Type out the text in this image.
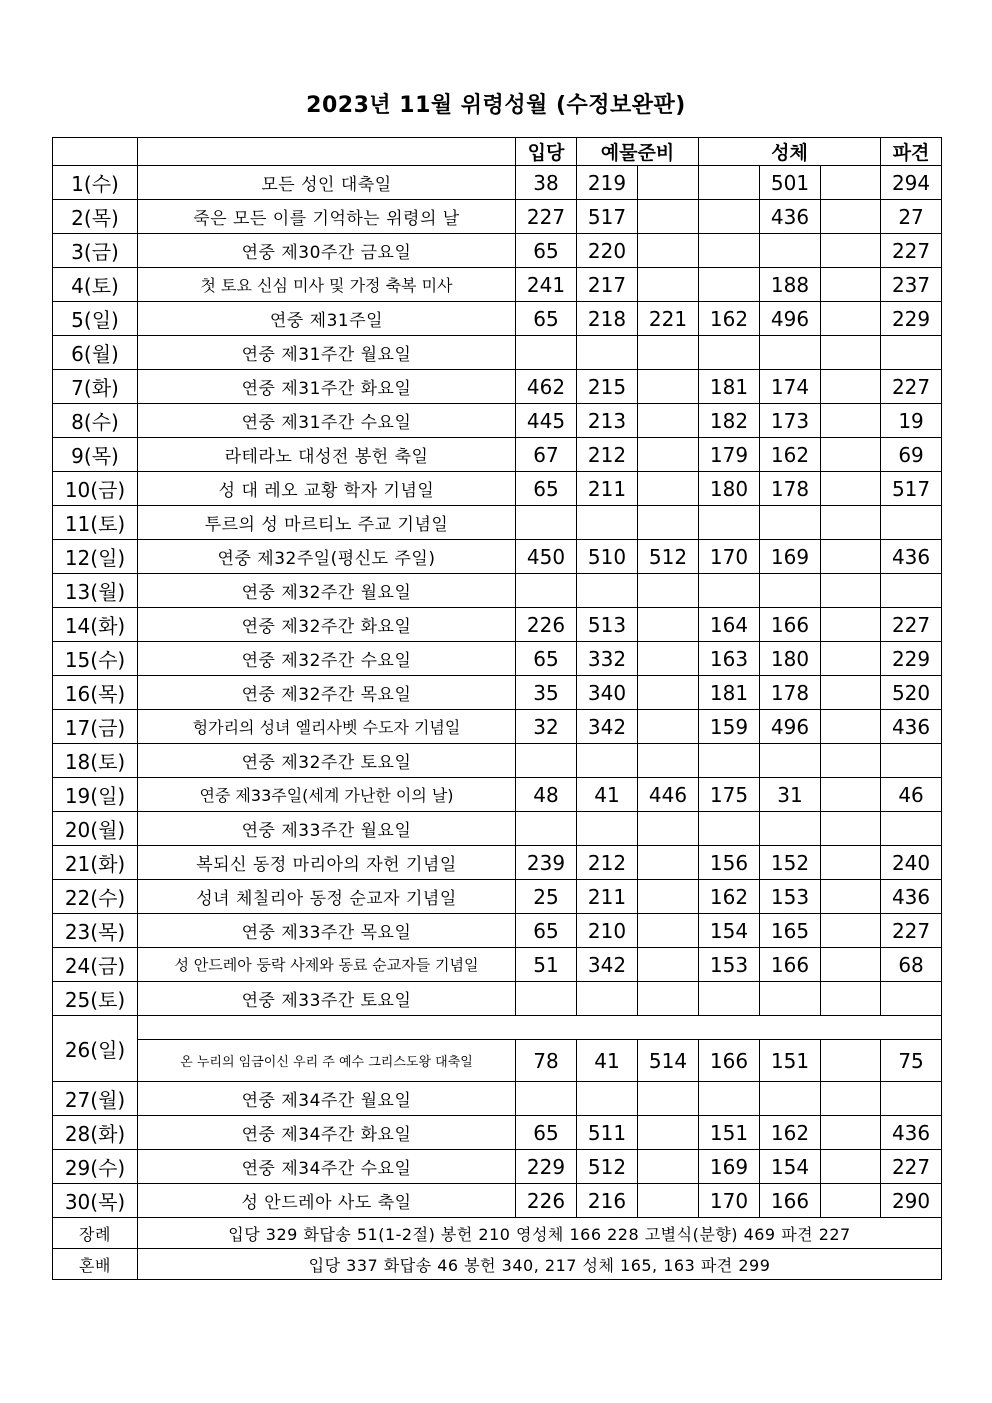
2023년 11월 위령성월 (수정보완판)
		입당	예물준비		성체			파견
1(수)	모든 성인 대축일	38	219			501		294
2(목)	죽은 모든 이를 기억하는 위령의 날	227	517			436		27
3(금)	연중 제30주간 금요일	65	220					227
4(토)	첫 토요 신심 미사 및 가정 축복 미사	241	217			188		237
5(일)	연중 제31주일	65	218	221	162	496		229
6(월)	연중 제31주간 월요일							
7(화)	연중 제31주간 화요일	462	215		181	174		227
8(수)	연중 제31주간 수요일	445	213		182	173		19
9(목)	라테라노 대성전 봉헌 축일	67	212		179	162		69
10(금)	성 대 레오 교황 학자 기념일	65	211		180	178		517
11(토)	투르의 성 마르티노 주교 기념일							
12(일)	연중 제32주일(평신도 주일)	450	510	512	170	169		436
13(월)	연중 제32주간 월요일							
14(화)	연중 제32주간 화요일	226	513		164	166		227
15(수)	연중 제32주간 수요일	65	332		163	180		229
16(목)	연중 제32주간 목요일	35	340		181	178		520
17(금)	헝가리의 성녀 엘리사벳 수도자 기념일	32	342		159	496		436
18(토)	연중 제32주간 토요일							
19(일)	연중 제33주일(세계 가난한 이의 날)	48	41	446	175	31		46
20(월)	연중 제33주간 월요일							
21(화)	복되신 동정 마리아의 자헌 기념일	239	212		156	152		240
22(수)	성녀 체칠리아 동정 순교자 기념일	25	211		162	153		436
23(목)	연중 제33주간 목요일	65	210		154	165		227
24(금)	성 안드레아 둥락 사제와 동료 순교자들 기념일	51	342		153	166		68
25(토)	연중 제33주간 토요일							
26(일)								
	온 누리의 임금이신 우리 주 예수 그리스도왕 대축일	78	41	514	166	151		75
27(월)	연중 제34주간 월요일							
28(화)	연중 제34주간 화요일	65	511		151	162		436
29(수)	연중 제34주간 수요일	229	512		169	154		227
30(목)	성 안드레아 사도 축일	226	216		170	166		290
장례	입당 329 화답송 51(1-2절) 봉헌 210 영성체 166 228 고별식(분향) 469 파견 227							
혼배	입당 337 화답송 46 봉헌 340, 217 성체 165, 163 파견 299							
